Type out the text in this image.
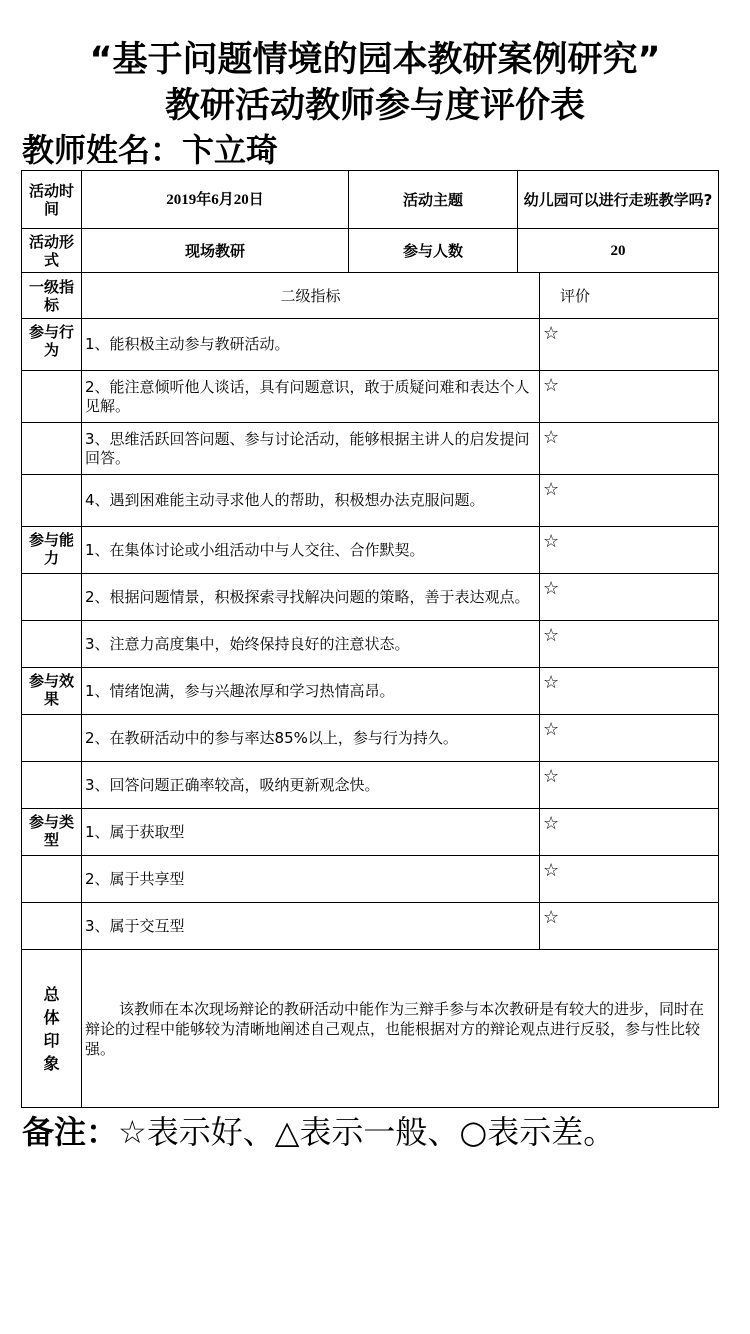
“基于问题情境的园本教研案例研究”
教研活动教师参与度评价表
教师姓名：卞立琦
活动时间	2019年6月20日	活动主题	幼儿园可以进行走班教学吗?	
活动形式	现场教研	参与人数	20	
一级指标	二级指标			评价
参与行为	1、能积极主动参与教研活动。			☆
	2、能注意倾听他人谈话，具有问题意识，敢于质疑问难和表达个人见解。			☆
	3、思维活跃回答问题、参与讨论活动，能够根据主讲人的启发提问回答。			☆
	4、遇到困难能主动寻求他人的帮助，积极想办法克服问题。			☆
参与能力	1、在集体讨论或小组活动中与人交往、合作默契。			☆
	2、根据问题情景，积极探索寻找解决问题的策略，善于表达观点。			☆
	3、注意力高度集中，始终保持良好的注意状态。			☆
参与效果	1、情绪饱满，参与兴趣浓厚和学习热情高昂。			☆
	2、在教研活动中的参与率达85%以上，参与行为持久。			☆
	3、回答问题正确率较高，吸纳更新观念快。			☆
参与类型	1、属于获取型			☆
	2、属于共享型			☆
	3、属于交互型			☆

总体印象	该教师在本次现场辩论的教研活动中能作为三辩手参与本次教研是有较大的进步，同时在辩论的过程中能够较为清晰地阐述自己观点，也能根据对方的辩论观点进行反驳，参与性比较强。			
备注：☆表示好、△表示一般、○表示差。
